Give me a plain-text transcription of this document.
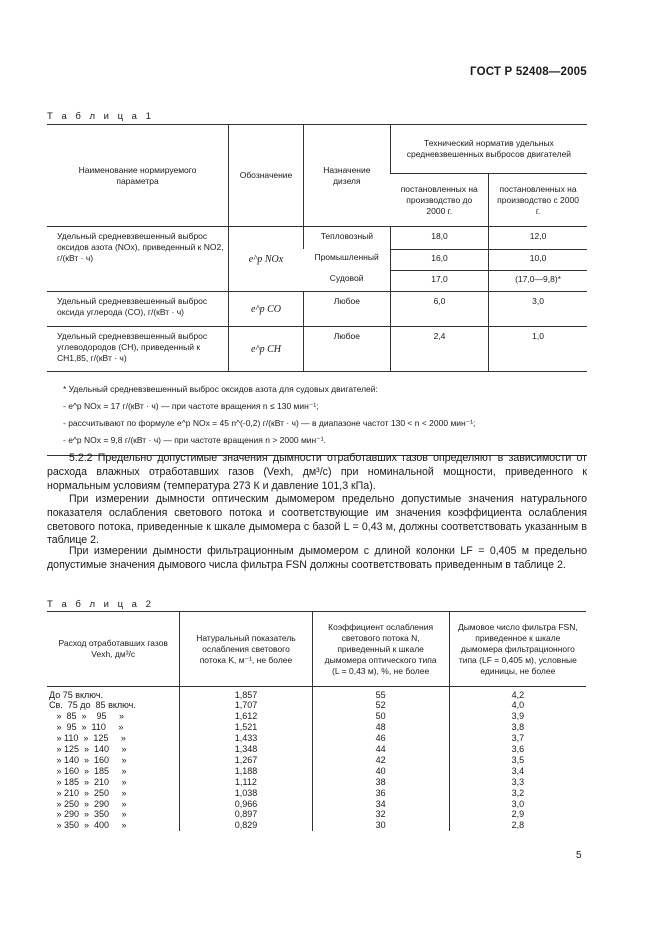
ГОСТ Р 52408—2005
Т а б л и ц а 1
Наименование нормируемого параметра	Обозначение	Назначение дизеля	Технический норматив удельных средневзвешенных выбросов двигателей	

			постановленных на производство до 2000 г.	постановленных на производство с 2000 г.

Удельный средневзвешенный выброс оксидов азота (NOx), приведенный к NO2, г/(кВт · ч)	e^p NOx	Тепловозный	18,0	12,0
		Промышленный	16,0	10,0
		Судовой	17,0	(17,0—9,8)*
Удельный средневзвешенный выброс оксида углерода (CO), г/(кВт · ч)	e^p CO	Любое	6,0	3,0
Удельный средневзвешенный выброс углеводородов (CH), приведенный к CH1,85, г/(кВт · ч)	e^p CH	Любое	2,4	1,0

* Удельный средневзвешенный выброс оксидов азота для судовых двигателей:
- e^p NOx = 17 г/(кВт · ч) — при частоте вращения n ≤ 130 мин⁻¹;
- рассчитывают по формуле e^p NOx = 45 n^(-0,2) г/(кВт · ч) — в диапазоне частот 130 < n < 2000 мин⁻¹;
- e^p NOx = 9,8 г/(кВт · ч) — при частоте вращения n > 2000 мин⁻¹.				
5.2.2 Предельно допустимые значения дымности отработавших газов определяют в зависимости от расхода влажных отработавших газов (Vexh, дм³/с) при номинальной мощности, приведенного к нормальным условиям (температура 273 К и давление 101,3 кПа).
При измерении дымности оптическим дымомером предельно допустимые значения натурального показателя ослабления светового потока и соответствующие им значения коэффициента ослабления светового потока, приведенные к шкале дымомера с базой L = 0,43 м, должны соответствовать указанным в таблице 2.
При измерении дымности фильтрационным дымомером с длиной колонки LF = 0,405 м предельно допустимые значения дымового числа фильтра FSN должны соответствовать приведенным в таблице 2.
Т а б л и ц а 2
Расход отработавших газов Vexh, дм³/с	Натуральный показатель ослабления светового потока K, м⁻¹, не более	Коэффициент ослабления светового потока N, приведенный к шкале дымомера оптического типа (L = 0,43 м), %, не более	Дымовое число фильтра FSN, приведенное к шкале дымомера фильтрационного типа (LF = 0,405 м), условные единицы, не более

До 75 включ.	1,857	55	4,2
Св.  75 до  85 включ.	1,707	52	4,0
»  85  »    95     »	1,612	50	3,9
»  95  »  110     »	1,521	48	3,8
» 110  »  125     »	1,433	46	3,7
» 125  »  140     »	1,348	44	3,6
» 140  »  160     »	1,267	42	3,5
» 160  »  185     »	1,188	40	3,4
» 185  »  210     »	1,112	38	3,3
» 210  »  250     »	1,038	36	3,2
» 250  »  290     »	0,966	34	3,0
» 290  »  350     »	0,897	32	2,9
» 350  »  400     »	0,829	30	2,8
5
